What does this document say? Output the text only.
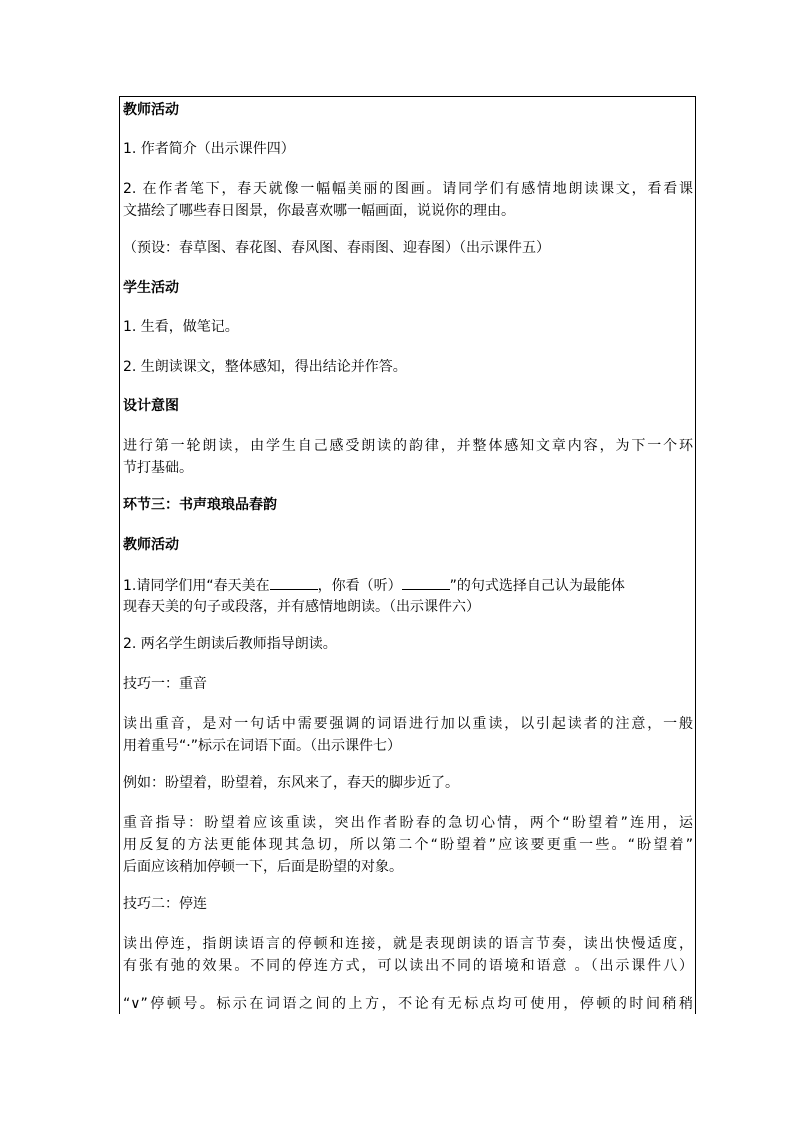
教师活动
1. 作者简介（出示课件四）
2. 在作者笔下，春天就像一幅幅美丽的图画。请同学们有感情地朗读课文，看看课
文描绘了哪些春日图景，你最喜欢哪一幅画面，说说你的理由。
（预设：春草图、春花图、春风图、春雨图、迎春图）（出示课件五）
学生活动
1. 生看，做笔记。
2. 生朗读课文，整体感知，得出结论并作答。
设计意图
进行第一轮朗读，由学生自己感受朗读的韵律，并整体感知文章内容，为下一个环
节打基础。
环节三：书声琅琅品春韵
教师活动
1.请同学们用“春天美在	，你看（听）	”的句式选择自己认为最能体
现春天美的句子或段落，并有感情地朗读。（出示课件六）
2. 两名学生朗读后教师指导朗读。
技巧一：重音
读出重音，是对一句话中需要强调的词语进行加以重读，以引起读者的注意，一般
用着重号“·”标示在词语下面。（出示课件七）
例如：盼望着，盼望着，东风来了，春天的脚步近了。
重音指导：盼望着应该重读，突出作者盼春的急切心情，两个“盼望着”连用，运
用反复的方法更能体现其急切，所以第二个“盼望着”应该要更重一些。“盼望着”
后面应该稍加停顿一下，后面是盼望的对象。
技巧二：停连
读出停连，指朗读语言的停顿和连接，就是表现朗读的语言节奏，读出快慢适度，
有张有弛的效果。不同的停连方式，可以读出不同的语境和语意 。（出示课件八）
“∨”停顿号。标示在词语之间的上方，不论有无标点均可使用，停顿的时间稍稍
